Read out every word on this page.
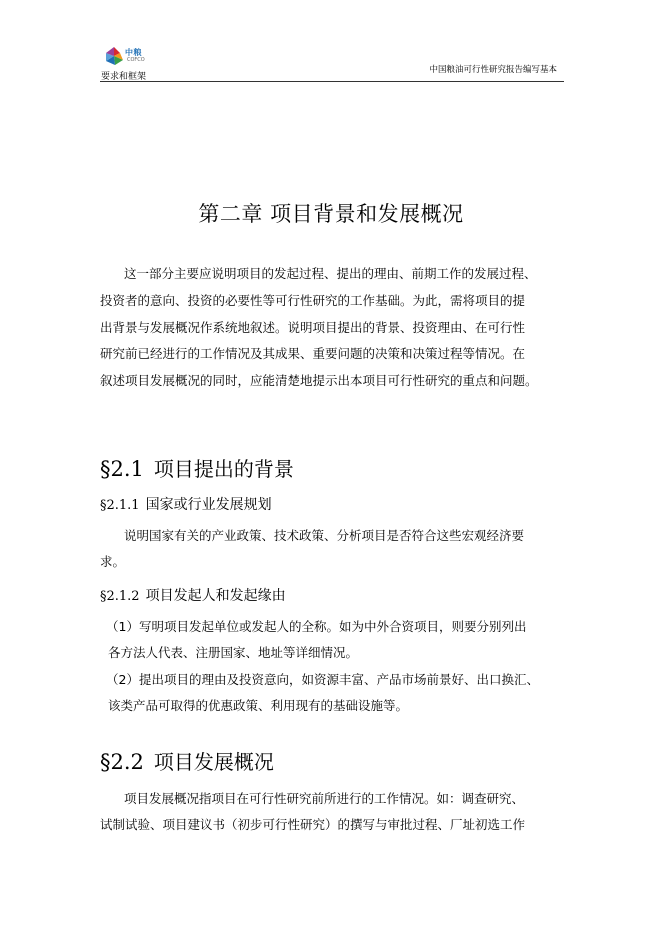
中粮
COFCO
要求和框架
中国粮油可行性研究报告编写基本
第二章 项目背景和发展概况
这一部分主要应说明项目的发起过程、提出的理由、前期工作的发展过程、
投资者的意向、投资的必要性等可行性研究的工作基础。为此，需将项目的提
出背景与发展概况作系统地叙述。说明项目提出的背景、投资理由、在可行性
研究前已经进行的工作情况及其成果、重要问题的决策和决策过程等情况。在
叙述项目发展概况的同时，应能清楚地提示出本项目可行性研究的重点和问题。
§2.1 项目提出的背景
§2.1.1 国家或行业发展规划
说明国家有关的产业政策、技术政策、分析项目是否符合这些宏观经济要
求。
§2.1.2 项目发起人和发起缘由
（1）写明项目发起单位或发起人的全称。如为中外合资项目，则要分别列出
各方法人代表、注册国家、地址等详细情况。
（2）提出项目的理由及投资意向，如资源丰富、产品市场前景好、出口换汇、
该类产品可取得的优惠政策、利用现有的基础设施等。
§2.2 项目发展概况
项目发展概况指项目在可行性研究前所进行的工作情况。如：调查研究、
试制试验、项目建议书（初步可行性研究）的撰写与审批过程、厂址初选工作
